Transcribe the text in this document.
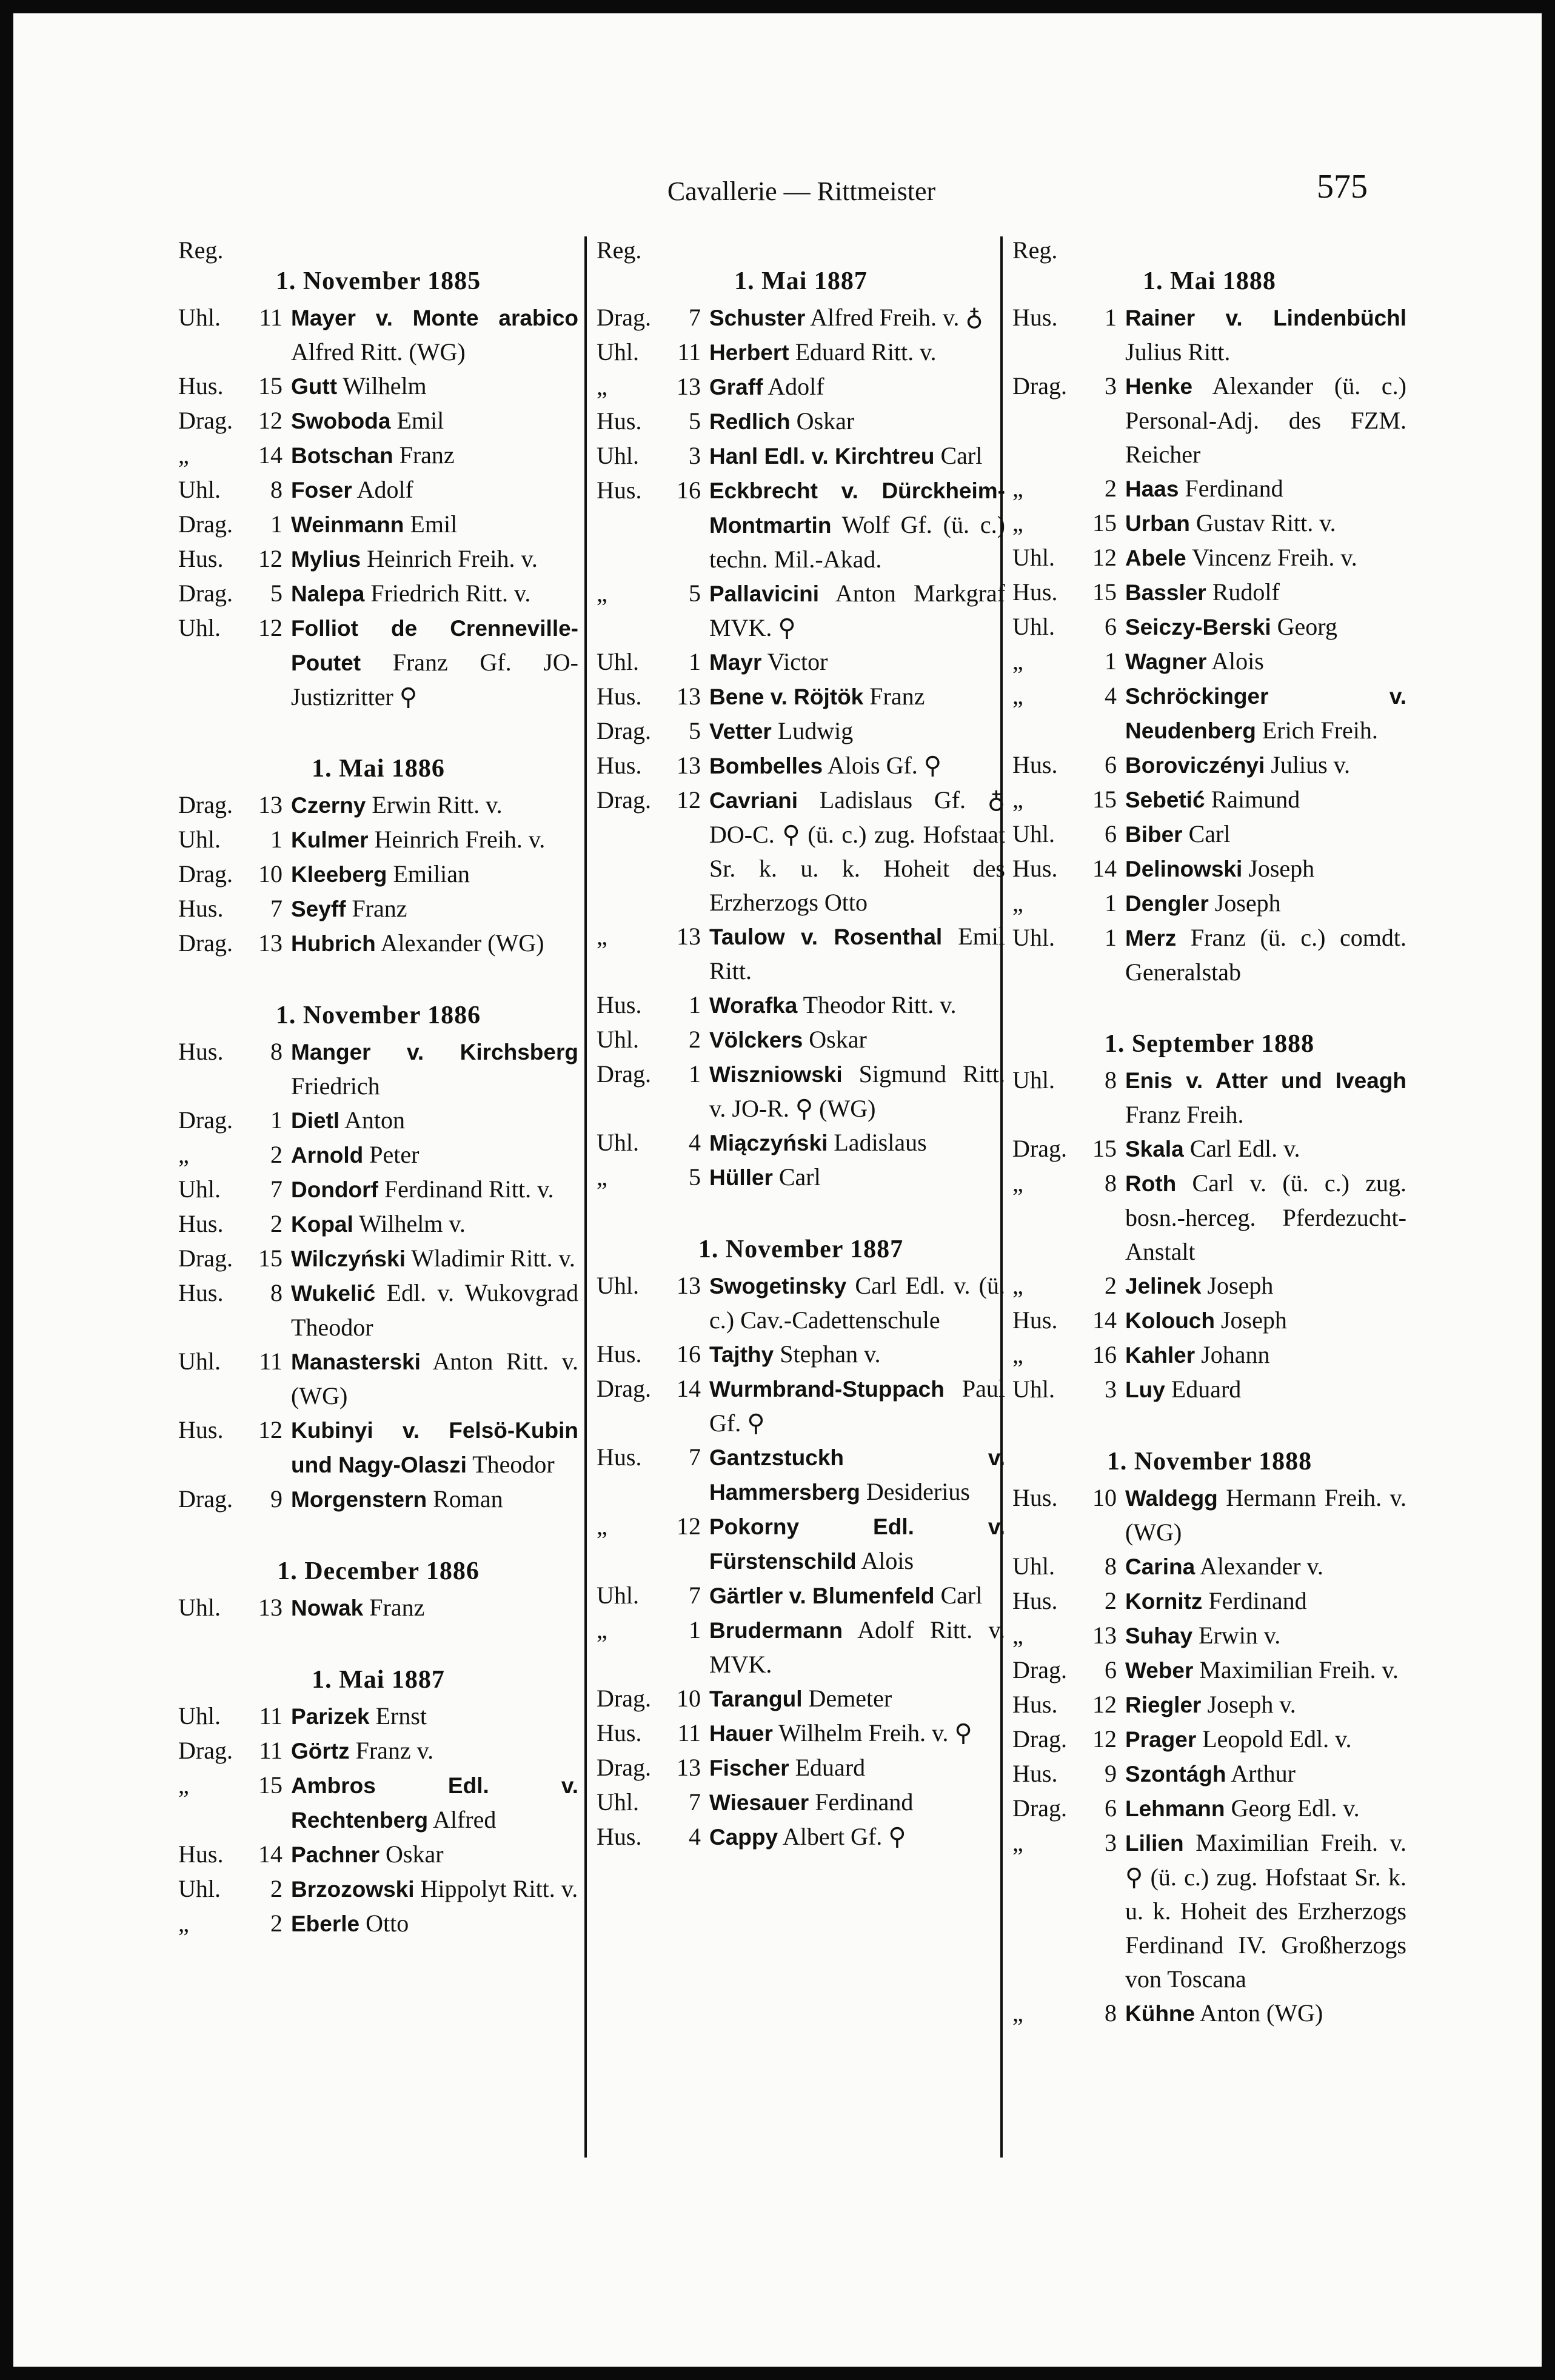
Cavallerie — Rittmeister	575
Reg.
1. November 1885
Uhl.	11 Mayer v. Monte arabico Alfred Ritt. (WG)
Hus.	15 Gutt Wilhelm
Drag.	12 Swoboda Emil
„	14 Botschan Franz
Uhl.	8 Foser Adolf
Drag.	1 Weinmann Emil
Hus.	12 Mylius Heinrich Freih. v.
Drag.	5 Nalepa Friedrich Ritt. v.
Uhl.	12 Folliot de Crenneville-Poutet Franz Gf. JO-Justizritter ⚲
1. Mai 1886
Drag.	13 Czerny Erwin Ritt. v.
Uhl.	1 Kulmer Heinrich Freih. v.
Drag.	10 Kleeberg Emilian
Hus.	7 Seyff Franz
Drag.	13 Hubrich Alexander (WG)
1. November 1886
Hus.	8 Manger v. Kirchsberg Friedrich
Drag.	1 Dietl Anton
„	2 Arnold Peter
Uhl.	7 Dondorf Ferdinand Ritt. v.
Hus.	2 Kopal Wilhelm v.
Drag.	15 Wilczyński Wladimir Ritt. v.
Hus.	8 Wukelić Edl. v. Wukovgrad Theodor
Uhl.	11 Manasterski Anton Ritt. v. (WG)
Hus.	12 Kubinyi v. Felsö-Kubin und Nagy-Olaszi Theodor
Drag.	9 Morgenstern Roman
1. December 1886
Uhl.	13 Nowak Franz
1. Mai 1887
Uhl.	11 Parizek Ernst
Drag.	11 Görtz Franz v.
„	15 Ambros Edl. v. Rechtenberg Alfred
Hus.	14 Pachner Oskar
Uhl.	2 Brzozowski Hippolyt Ritt. v.
„	2 Eberle Otto
Reg.
1. Mai 1887
Drag.	7 Schuster Alfred Freih. v. ♁
Uhl.	11 Herbert Eduard Ritt. v.
„	13 Graff Adolf
Hus.	5 Redlich Oskar
Uhl.	3 Hanl Edl. v. Kirchtreu Carl
Hus.	16 Eckbrecht v. Dürckheim-Montmartin Wolf Gf. (ü. c.) techn. Mil.-Akad.
„	5 Pallavicini Anton Markgraf MVK. ⚲
Uhl.	1 Mayr Victor
Hus.	13 Bene v. Röjtök Franz
Drag.	5 Vetter Ludwig
Hus.	13 Bombelles Alois Gf. ⚲
Drag.	12 Cavriani Ladislaus Gf. ♁ DO-C. ⚲ (ü. c.) zug. Hofstaat Sr. k. u. k. Hoheit des Erzherzogs Otto
„	13 Taulow v. Rosenthal Emil Ritt.
Hus.	1 Worafka Theodor Ritt. v.
Uhl.	2 Völckers Oskar
Drag.	1 Wiszniowski Sigmund Ritt. v. JO-R. ⚲ (WG)
Uhl.	4 Miączyński Ladislaus
„	5 Hüller Carl
1. November 1887
Uhl.	13 Swogetinsky Carl Edl. v. (ü. c.) Cav.-Cadettenschule
Hus.	16 Tajthy Stephan v.
Drag.	14 Wurmbrand-Stuppach Paul Gf. ⚲
Hus.	7 Gantzstuckh v. Hammersberg Desiderius
„	12 Pokorny Edl. v. Fürstenschild Alois
Uhl.	7 Gärtler v. Blumenfeld Carl
„	1 Brudermann Adolf Ritt. v. MVK.
Drag.	10 Tarangul Demeter
Hus.	11 Hauer Wilhelm Freih. v. ⚲
Drag.	13 Fischer Eduard
Uhl.	7 Wiesauer Ferdinand
Hus.	4 Cappy Albert Gf. ⚲
Reg.
1. Mai 1888
Hus.	1 Rainer v. Lindenbüchl Julius Ritt.
Drag.	3 Henke Alexander (ü. c.) Personal-Adj. des FZM. Reicher
„	2 Haas Ferdinand
„	15 Urban Gustav Ritt. v.
Uhl.	12 Abele Vincenz Freih. v.
Hus.	15 Bassler Rudolf
Uhl.	6 Seiczy-Berski Georg
„	1 Wagner Alois
„	4 Schröckinger v. Neudenberg Erich Freih.
Hus.	6 Boroviczényi Julius v.
„	15 Sebetić Raimund
Uhl.	6 Biber Carl
Hus.	14 Delinowski Joseph
„	1 Dengler Joseph
Uhl.	1 Merz Franz (ü. c.) comdt. Generalstab
1. September 1888
Uhl.	8 Enis v. Atter und Iveagh Franz Freih.
Drag.	15 Skala Carl Edl. v.
„	8 Roth Carl v. (ü. c.) zug. bosn.-herceg. Pferdezucht-Anstalt
„	2 Jelinek Joseph
Hus.	14 Kolouch Joseph
„	16 Kahler Johann
Uhl.	3 Luy Eduard
1. November 1888
Hus.	10 Waldegg Hermann Freih. v. (WG)
Uhl.	8 Carina Alexander v.
Hus.	2 Kornitz Ferdinand
„	13 Suhay Erwin v.
Drag.	6 Weber Maximilian Freih. v.
Hus.	12 Riegler Joseph v.
Drag.	12 Prager Leopold Edl. v.
Hus.	9 Szontágh Arthur
Drag.	6 Lehmann Georg Edl. v.
„	3 Lilien Maximilian Freih. v. ⚲ (ü. c.) zug. Hofstaat Sr. k. u. k. Hoheit des Erzherzogs Ferdinand IV. Großherzogs von Toscana
„	8 Kühne Anton (WG)
